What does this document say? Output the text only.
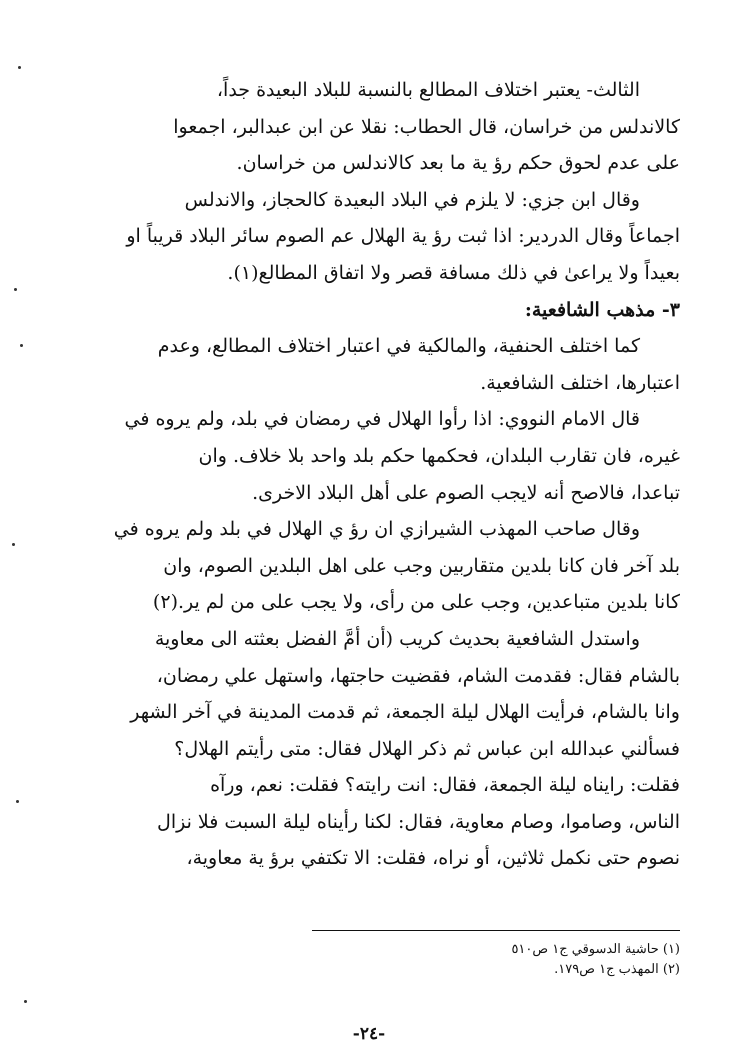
الثالث- يعتبر اختلاف المطالع بالنسبة للبلاد البعيدة جداً،
كالاندلس من خراسان، قال الحطاب: نقلا عن ابن عبدالبر، اجمعوا
على عدم لحوق حكم رؤ ية ما بعد كالاندلس من خراسان.
وقال ابن جزي: لا يلزم في البلاد البعيدة كالحجاز، والاندلس
اجماعاً وقال الدردير: اذا ثبت رؤ ية الهلال عم الصوم سائر البلاد قريباً او
بعيداً ولا يراعىٰ في ذلك مسافة قصر ولا اتفاق المطالع(١).
٣- مذهب الشافعية:
كما اختلف الحنفية، والمالكية في اعتبار اختلاف المطالع، وعدم
اعتبارها، اختلف الشافعية.
قال الامام النووي: اذا رأوا الهلال في رمضان في بلد، ولم يروه في
غيره، فان تقارب البلدان، فحكمها حكم بلد واحد بلا خلاف. وان
تباعدا، فالاصح أنه لايجب الصوم على أهل البلاد الاخرى.
وقال صاحب المهذب الشيرازي ان رؤ ي الهلال في بلد ولم يروه في
بلد آخر فان كانا بلدين متقاربين وجب على اهل البلدين الصوم، وان
كانا بلدين متباعدين، وجب على من رأى، ولا يجب على من لم ير.(٢)
واستدل الشافعية بحديث كريب (أن أمَّ الفضل بعثته الى معاوية
بالشام فقال: فقدمت الشام، فقضيت حاجتها، واستهل علي رمضان،
وانا بالشام، فرأيت الهلال ليلة الجمعة، ثم قدمت المدينة في آخر الشهر
فسألني عبدالله ابن عباس ثم ذكر الهلال فقال: متى رأيتم الهلال؟
فقلت: رايناه ليلة الجمعة، فقال: انت رايته؟ فقلت: نعم، ورآه
الناس، وصاموا، وصام معاوية، فقال: لكنا رأيناه ليلة السبت فلا نزال
نصوم حتى نكمل ثلاثين، أو نراه، فقلت: الا تكتفي برؤ ية معاوية،
(١) حاشية الدسوقي ج١ ص٥١٠
(٢) المهذب ج١ ص١٧٩.
-٢٤-
